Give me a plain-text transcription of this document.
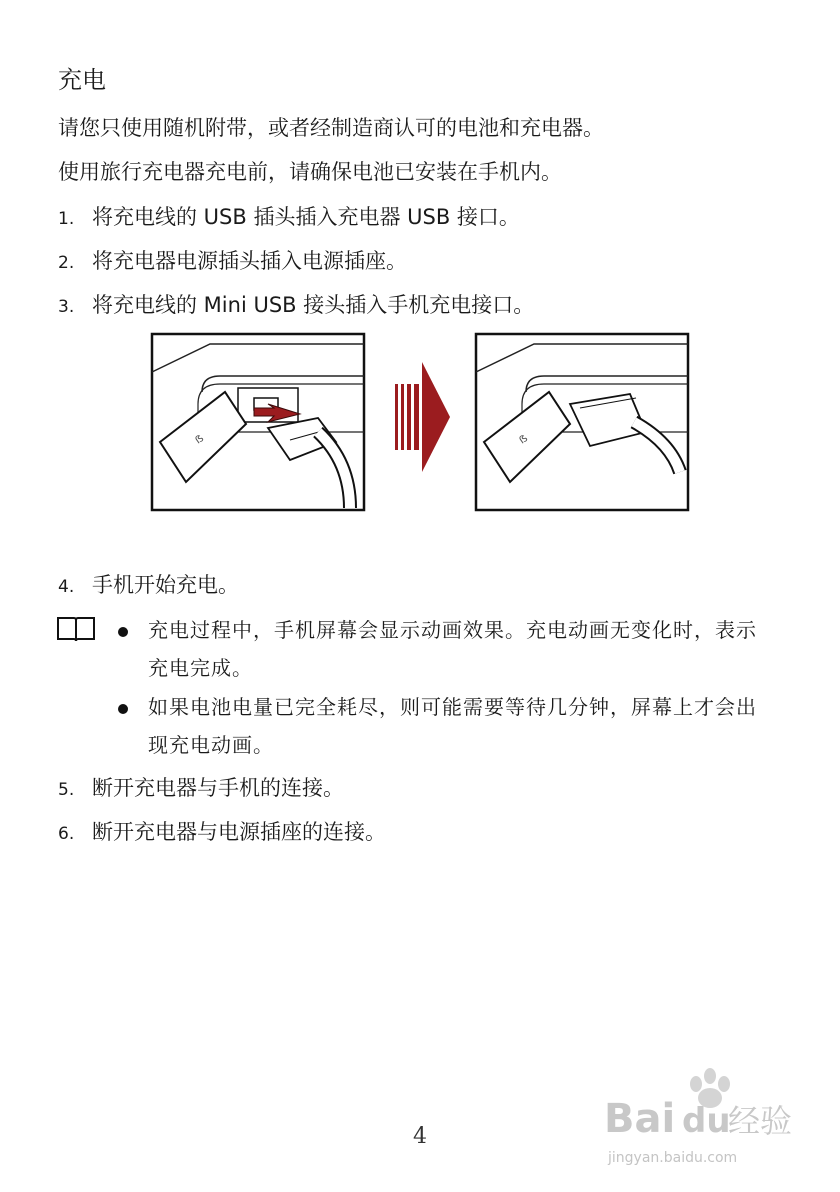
充电
请您只使用随机附带，或者经制造商认可的电池和充电器。
使用旅行充电器充电前，请确保电池已安装在手机内。
1. 将充电线的 USB 插头插入充电器 USB 接口。
2. 将充电器电源插头插入电源插座。
3. 将充电线的 Mini USB 接头插入手机充电接口。
ẞ	ẞ
4. 手机开始充电。
充电过程中，手机屏幕会显示动画效果。充电动画无变化时，表示充电完成。
如果电池电量已完全耗尽，则可能需要等待几分钟，屏幕上才会出现充电动画。
5. 断开充电器与手机的连接。
6. 断开充电器与电源插座的连接。
4	Bai du
经验
jingyan.baidu.com
